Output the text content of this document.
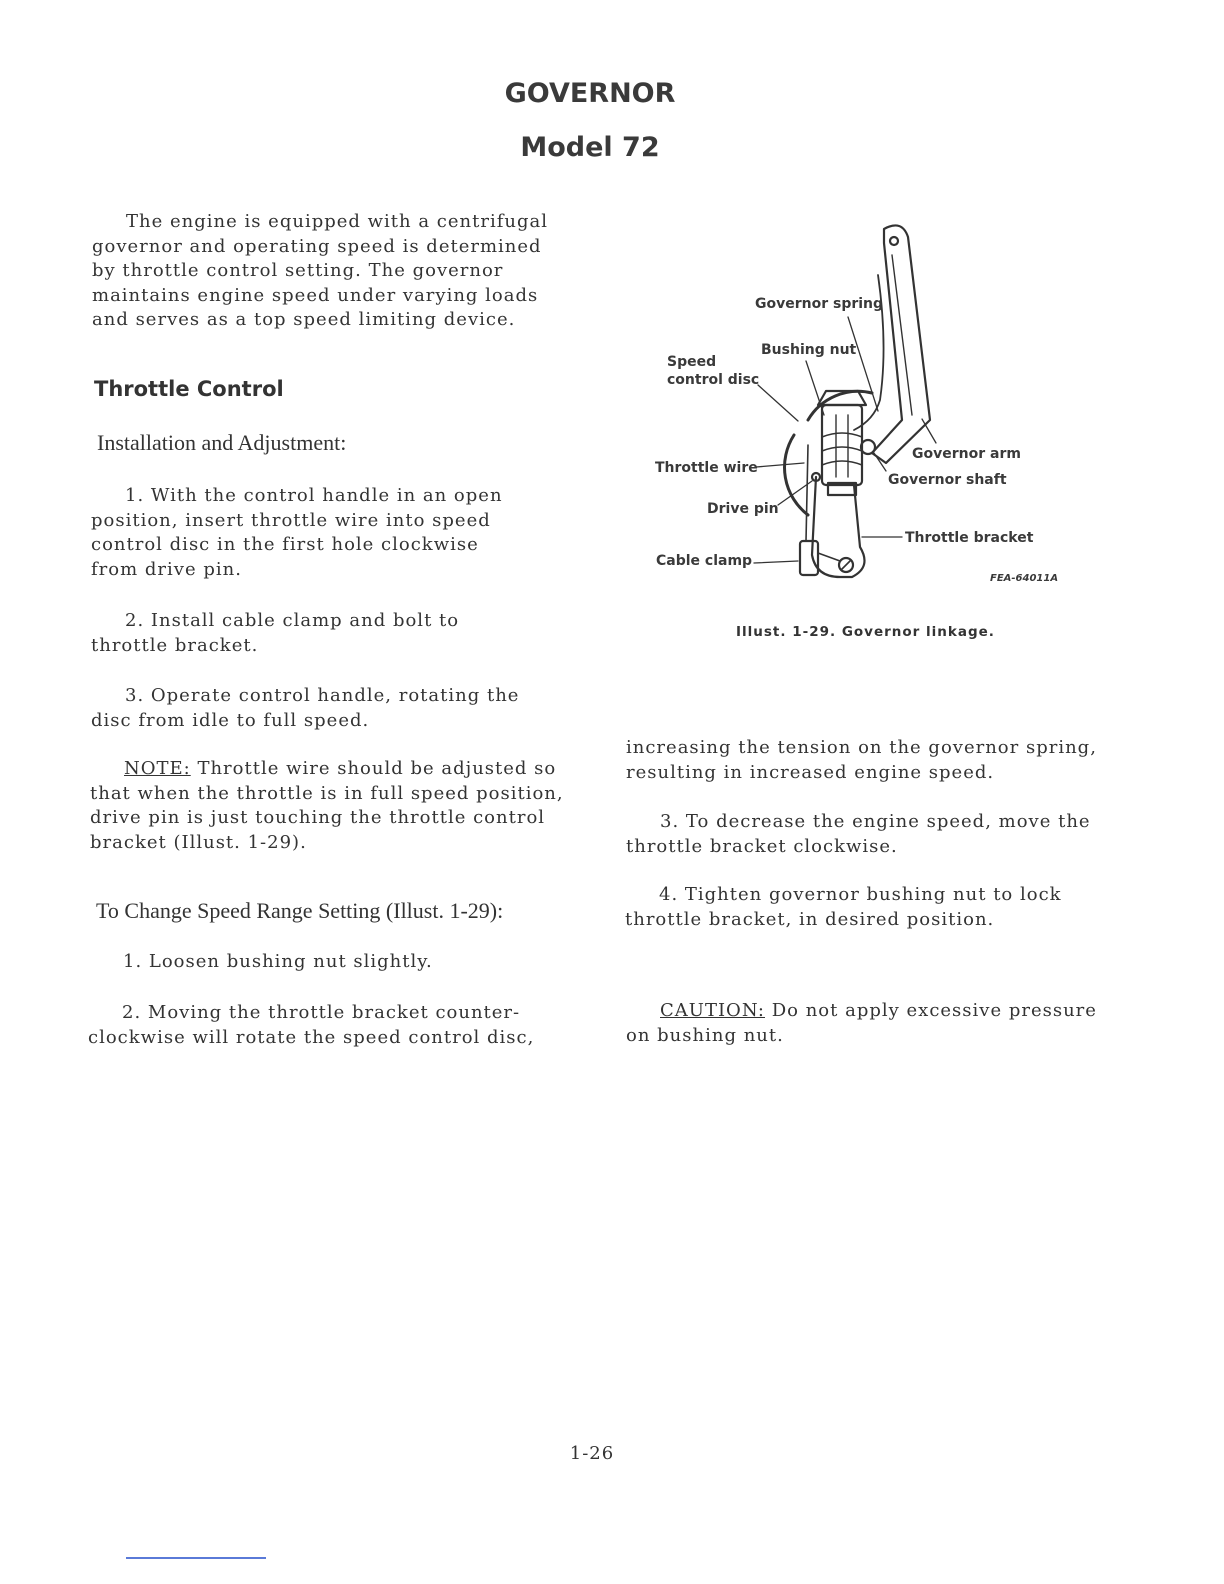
GOVERNOR
Model 72

The engine is equipped with a centrifugal governor and operating speed is determined by throttle control setting. The governor maintains engine speed under varying loads and serves as a top speed limiting device.

Throttle Control
Installation and Adjustment:

1. With the control handle in an open position, insert throttle wire into speed control disc in the first hole clockwise from drive pin.

2. Install cable clamp and bolt to throttle bracket.

3. Operate control handle, rotating the disc from idle to full speed.

NOTE: Throttle wire should be adjusted so that when the throttle is in full speed position, drive pin is just touching the throttle control bracket (Illust. 1-29).

To Change Speed Range Setting (Illust. 1-29):

1. Loosen bushing nut slightly.

2. Moving the throttle bracket counter-clockwise will rotate the speed control disc,

increasing the tension on the governor spring, resulting in increased engine speed.

3. To decrease the engine speed, move the throttle bracket clockwise.

4. Tighten governor bushing nut to lock throttle bracket, in desired position.

CAUTION: Do not apply excessive pressure on bushing nut.

Governor spring
Bushing nut
Speed
control disc
Throttle wire
Governor arm
Governor shaft
Drive pin
Throttle bracket
Cable clamp
FEA-64011A
Illust. 1-29. Governor linkage.
1-26
